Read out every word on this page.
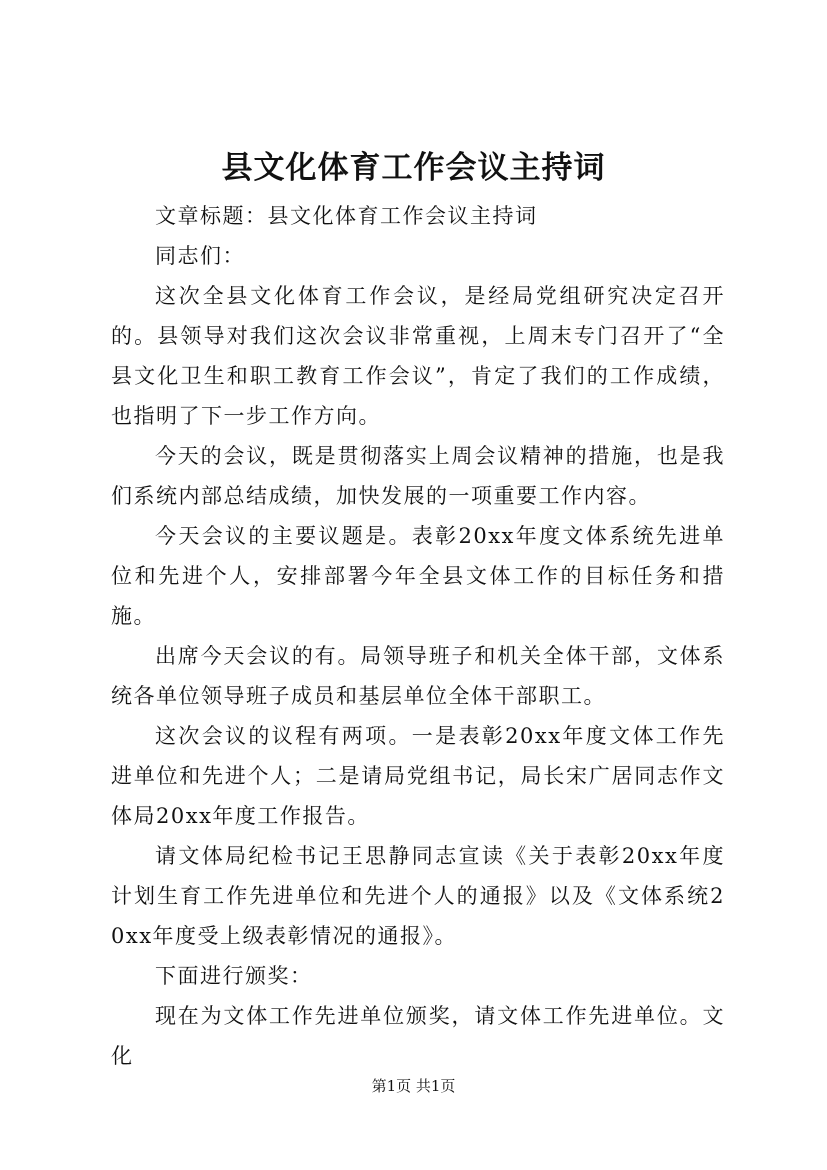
县文化体育工作会议主持词

文章标题：县文化体育工作会议主持词

同志们：

这次全县文化体育工作会议，是经局党组研究决定召开的。县领导对我们这次会议非常重视，上周末专门召开了“全县文化卫生和职工教育工作会议”，肯定了我们的工作成绩，也指明了下一步工作方向。

今天的会议，既是贯彻落实上周会议精神的措施，也是我们系统内部总结成绩，加快发展的一项重要工作内容。

今天会议的主要议题是。表彰20xx年度文体系统先进单位和先进个人，安排部署今年全县文体工作的目标任务和措施。

出席今天会议的有。局领导班子和机关全体干部，文体系统各单位领导班子成员和基层单位全体干部职工。

这次会议的议程有两项。一是表彰20xx年度文体工作先进单位和先进个人；二是请局党组书记，局长宋广居同志作文体局20xx年度工作报告。

请文体局纪检书记王思静同志宣读《关于表彰20xx年度计划生育工作先进单位和先进个人的通报》以及《文体系统20xx年度受上级表彰情况的通报》。

下面进行颁奖：

现在为文体工作先进单位颁奖，请文体工作先进单位。文化

第1页 共1页
